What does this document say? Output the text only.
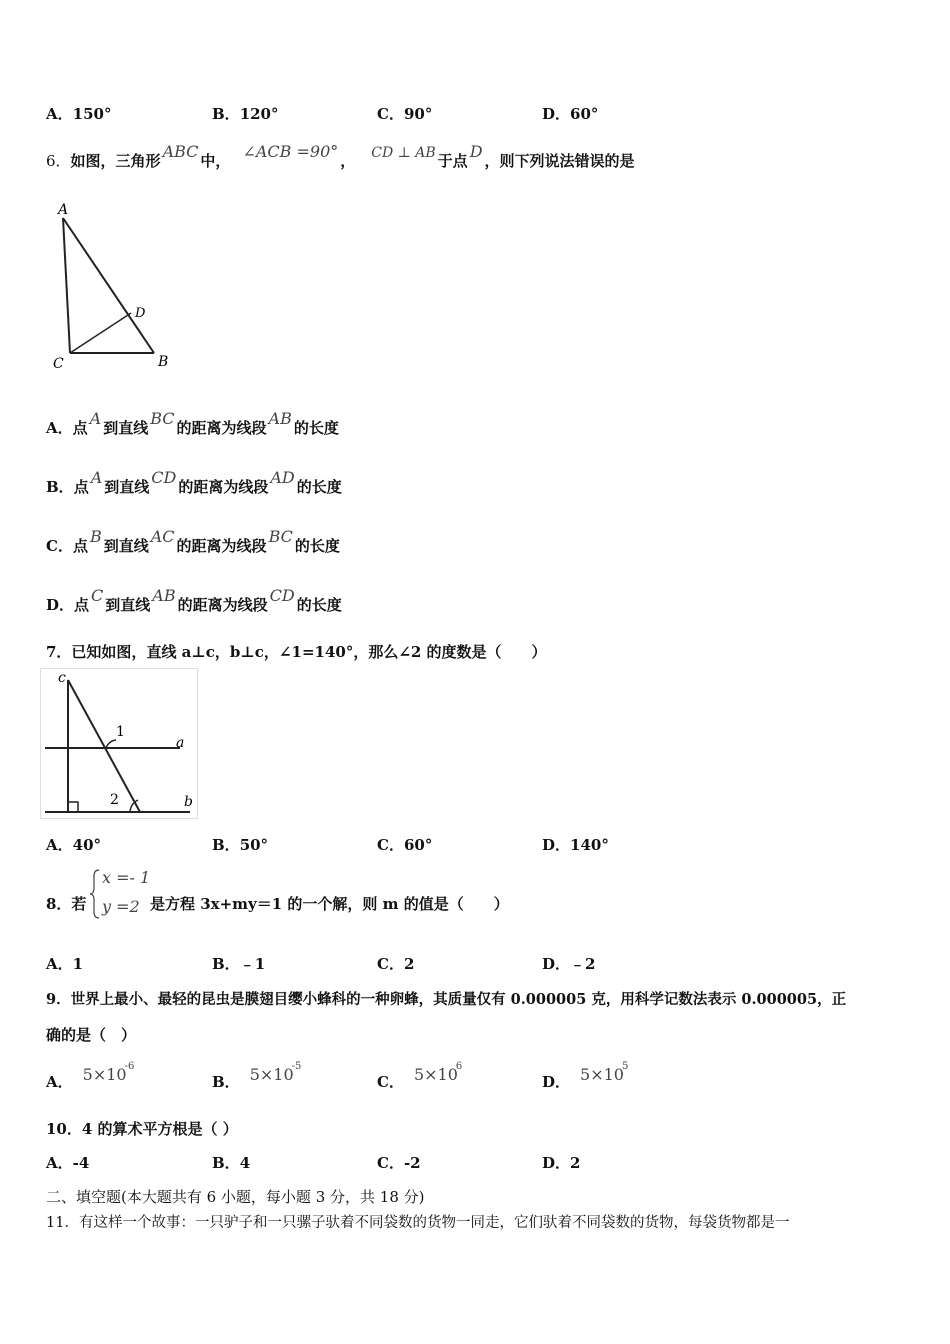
A．150°	B．120°	C．90°	D．60°
6．如图，三角形 ABC 中， ∠ACB =90° ， CD ⊥ AB 于点 D ，则下列说法错误的是
A
C	B
D
A．点 A 到直线 BC 的距离为线段 AB 的长度
B．点 A 到直线 CD 的距离为线段 AD 的长度
C．点 B 到直线 AC 的距离为线段 BC 的长度
D．点 C 到直线 AB 的距离为线段 CD 的长度
7．已知如图，直线 a⊥c，b⊥c，∠1=140°，那么∠2 的度数是（　　）
c
a
b
1
2
A．40°	B．50°	C．60°	D．140°
8．若
x =- 1
y =2 是方程 3x+my＝1 的一个解，则 m 的值是（　　）
A．1	B．﹣1	C．2	D．﹣2
9．世界上最小、最轻的昆虫是膜翅目缨小蜂科的一种卵蜂，其质量仅有 0.000005 克，用科学记数法表示 0.000005，正
确的是（　）
A． $5\times 10^{-6}$
B． $5\times 10^{-5}$
C． $5\times 10^6$
D． $5\times 10^5$
10．4 的算术平方根是（ ）
A．-4	B．4	C．-2	D．2
二、填空题(本大题共有 6 小题，每小题 3 分，共 18 分)
11．有这样一个故事：一只驴子和一只骡子驮着不同袋数的货物一同走，它们驮着不同袋数的货物，每袋货物都是一
